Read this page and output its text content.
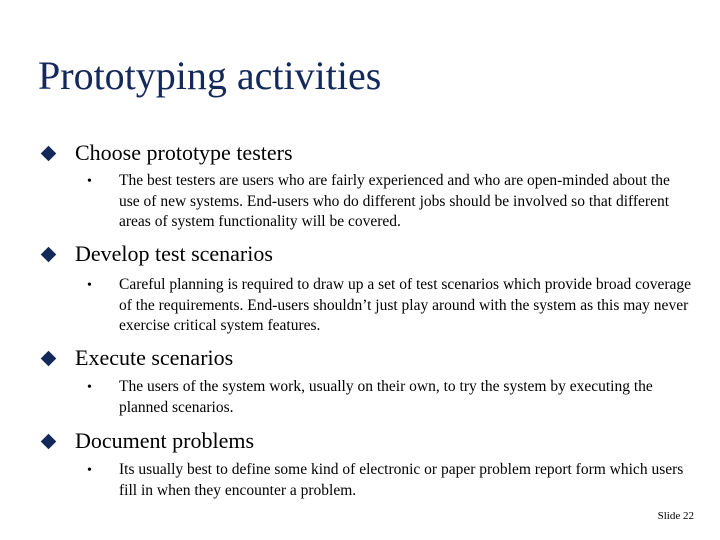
Prototyping activities
Choose prototype testers
• The best testers are users who are fairly experienced and who are open-minded about the use of new systems. End-users who do different jobs should be involved so that different areas of system functionality will be covered.
Develop test scenarios
• Careful planning is required to draw up a set of test scenarios which provide broad coverage of the requirements. End-users shouldn’t just play around with the system as this may never exercise critical system features.
Execute scenarios
• The users of the system work, usually on their own, to try the system by executing the planned scenarios.
Document problems
• Its usually best to define some kind of electronic or paper problem report form which users fill in when they encounter a problem.
Slide 22
